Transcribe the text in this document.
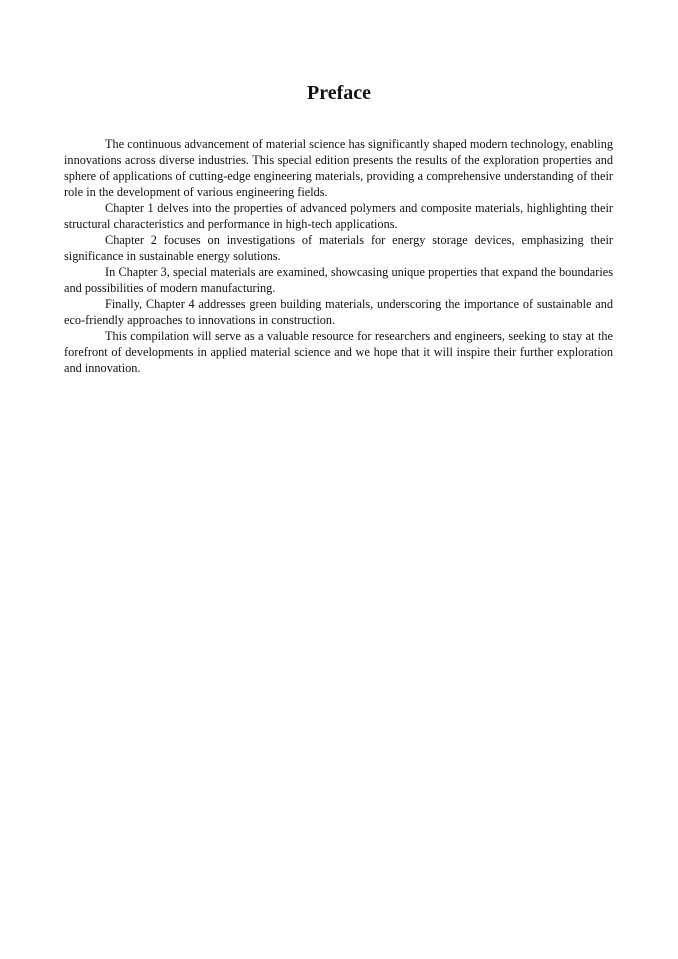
Preface

The continuous advancement of material science has significantly shaped modern technology, enabling innovations across diverse industries. This special edition presents the results of the exploration properties and sphere of applications of cutting-edge engineering materials, providing a comprehensive understanding of their role in the development of various engineering fields.

Chapter 1 delves into the properties of advanced polymers and composite materials, highlighting their structural characteristics and performance in high-tech applications.

Chapter 2 focuses on investigations of materials for energy storage devices, emphasizing their significance in sustainable energy solutions.

In Chapter 3, special materials are examined, showcasing unique properties that expand the boundaries and possibilities of modern manufacturing.

Finally, Chapter 4 addresses green building materials, underscoring the importance of sustainable and eco-friendly approaches to innovations in construction.

This compilation will serve as a valuable resource for researchers and engineers, seeking to stay at the forefront of developments in applied material science and we hope that it will inspire their further exploration and innovation.
